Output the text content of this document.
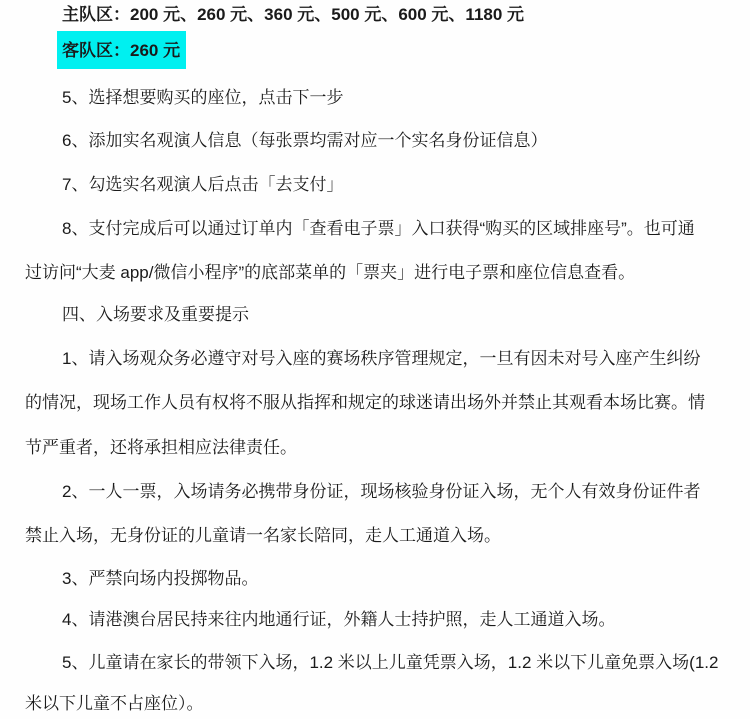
主队区：200 元、260 元、360 元、500 元、600 元、1180 元
客队区：260 元
5、选择想要购买的座位，点击下一步
6、添加实名观演人信息（每张票均需对应一个实名身份证信息）
7、勾选实名观演人后点击「去支付」
8、支付完成后可以通过订单内「查看电子票」入口获得“购买的区域排座号”。也可通
过访问“大麦 app/微信小程序”的底部菜单的「票夹」进行电子票和座位信息查看。
四、入场要求及重要提示
1、请入场观众务必遵守对号入座的赛场秩序管理规定，一旦有因未对号入座产生纠纷
的情况，现场工作人员有权将不服从指挥和规定的球迷请出场外并禁止其观看本场比赛。情
节严重者，还将承担相应法律责任。
2、一人一票，入场请务必携带身份证，现场核验身份证入场，无个人有效身份证件者
禁止入场，无身份证的儿童请一名家长陪同，走人工通道入场。
3、严禁向场内投掷物品。
4、请港澳台居民持来往内地通行证，外籍人士持护照，走人工通道入场。
5、儿童请在家长的带领下入场，1.2 米以上儿童凭票入场，1.2 米以下儿童免票入场(1.2
米以下儿童不占座位）。
